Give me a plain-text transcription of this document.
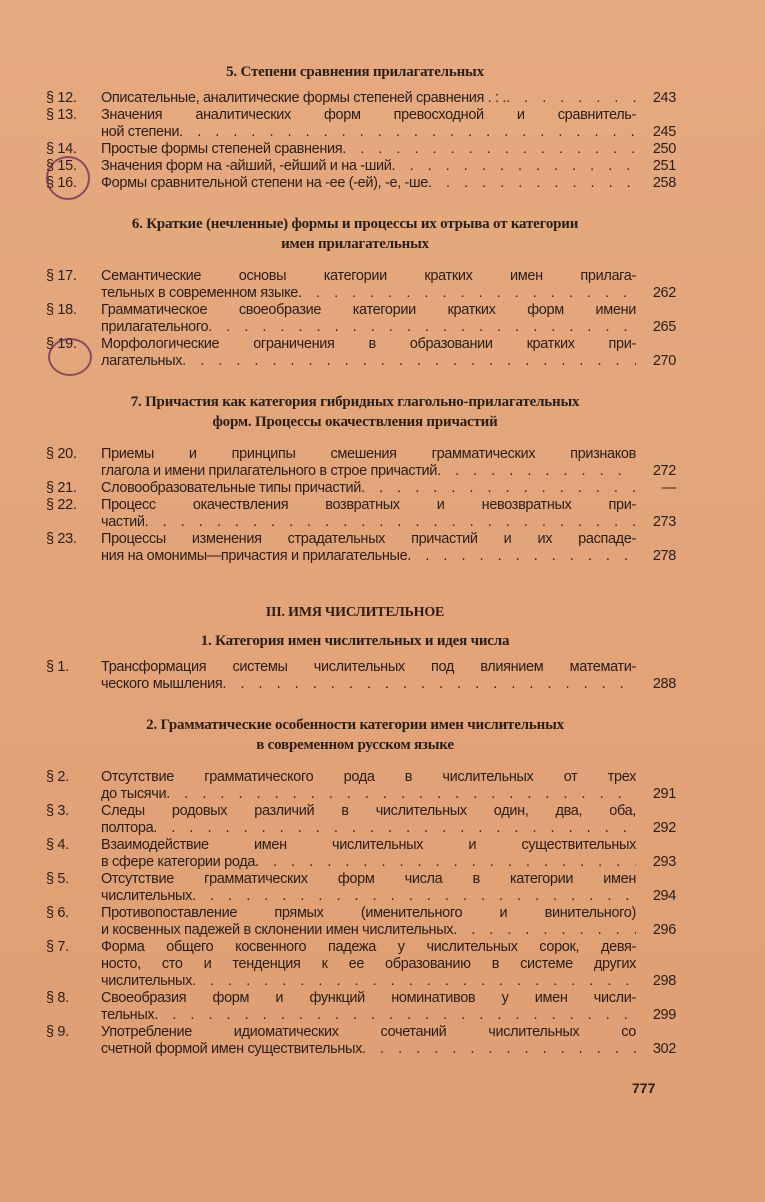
5. Степени сравнения прилагательных
§ 12.	Описательные, аналитические формы степеней сравнения . : . . . .	243
§ 13.	Значения аналитических форм превосходной и сравнитель-
ной степени . . .	245
§ 14.	Простые формы степеней сравнения . . .	250
§ 15.	Значения форм на -айший, -ейший и на -ший . . .	251
§ 16.	Формы сравнительной степени на -ее (-ей), -е, -ше . . .	258
6. Краткие (нечленные) формы и процессы их отрыва от категории
имен прилагательных
§ 17.	Семантические основы категории кратких имен прилага-
тельных в современном языке . . .	262
§ 18.	Грамматическое своеобразие категории кратких форм имени
прилагательного . . .	265
§ 19.	Морфологические ограничения в образовании кратких при-
лагательных . . .	270
7. Причастия как категория гибридных глагольно-прилагательных
форм. Процессы окачествления причастий
§ 20.	Приемы и принципы смешения грамматических признаков
глагола и имени прилагательного в строе причастий . . .	272
§ 21.	Словообразовательные типы причастий . . .	—
§ 22.	Процесс окачествления возвратных и невозвратных при-
частий . . .	273
§ 23.	Процессы изменения страдательных причастий и их распаде-
ния на омонимы—причастия и прилагательные . . .	278
III. ИМЯ ЧИСЛИТЕЛЬНОЕ
1. Категория имен числительных и идея числа
§ 1.	Трансформация системы числительных под влиянием математи-
ческого мышления . . .	288
2. Грамматические особенности категории имен числительных
в современном русском языке
§ 2.	Отсутствие грамматического рода в числительных от трех
до тысячи . . .	291
§ 3.	Следы родовых различий в числительных один, два, оба,
полтора . . .	292
§ 4.	Взаимодействие имен числительных и существительных
в сфере категории рода . . .	293
§ 5.	Отсутствие грамматических форм числа в категории имен
числительных . . .	294
§ 6.	Противопоставление прямых (именительного и винительного)
и косвенных падежей в склонении имен числительных . . .	296
§ 7.	Форма общего косвенного падежа у числительных сорок, девя-
носто, сто и тенденция к ее образованию в системе других
числительных . . .	298
§ 8.	Своеобразия форм и функций номинативов у имен числи-
тельных . . .	299
§ 9.	Употребление идиоматических сочетаний числительных со
счетной формой имен существительных . . .	302
777
